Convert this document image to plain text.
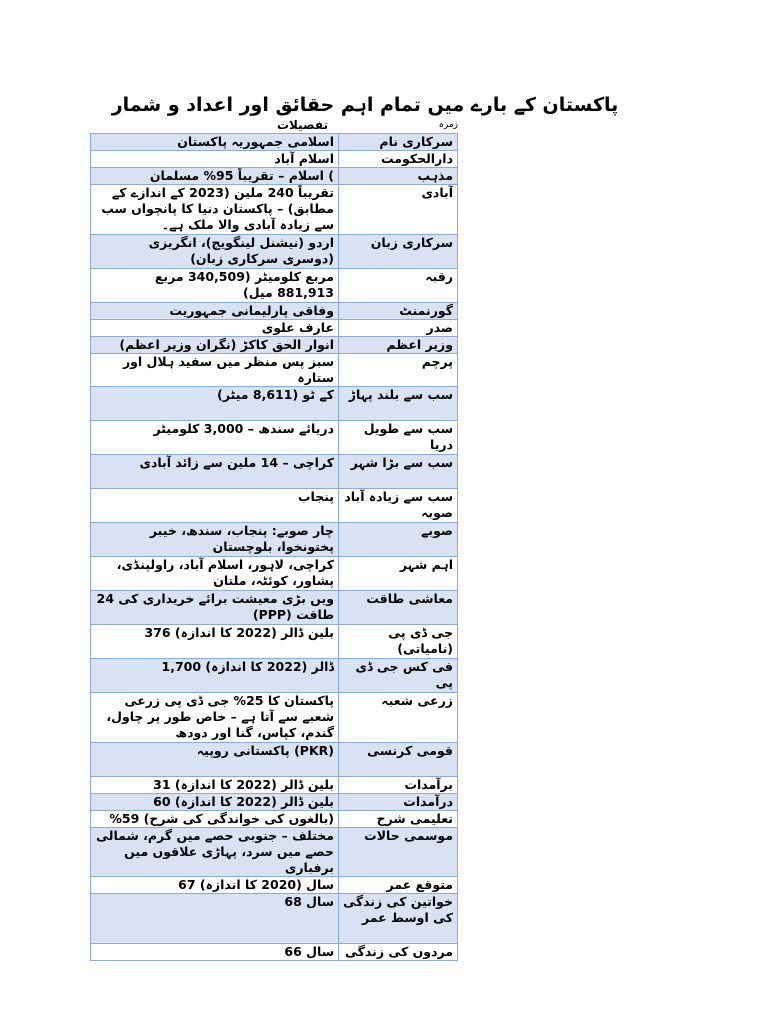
پاکستان کے بارے میں تمام اہم حقائق اور اعداد و شمار
زمرہ
تفصیلات
سرکاری نام	اسلامی جمہوریہ پاکستان
دارالحکومت	اسلام آباد
مذہب	) اسلام – تقریباً 95% مسلمان
آبادی	تقریباً 240 ملین (2023 کے اندازے کے مطابق) – پاکستان دنیا کا پانچواں سب سے زیادہ آبادی والا ملک ہے۔
سرکاری زبان	اردو (نیشنل لینگویج)، انگریزی (دوسری سرکاری زبان)
رقبہ	مربع کلومیٹر (340,509 مربع 881,913 میل)
گورنمنٹ	وفاقی پارلیمانی جمہوریت
صدر	عارف علوی
وزیر اعظم	انوار الحق کاکڑ (نگران وزیر اعظم)
پرچم	سبز پس منظر میں سفید ہلال اور ستارہ
سب سے بلند پہاڑ	کے ٹو (8,611 میٹر)
سب سے طویل دریا	دریائے سندھ – 3,000 کلومیٹر
سب سے بڑا شہر	کراچی – 14 ملین سے زائد آبادی
سب سے زیادہ آباد صوبہ	پنجاب
صوبے	چار صوبے: پنجاب، سندھ، خیبر پختونخوا، بلوچستان
اہم شہر	کراچی، لاہور، اسلام آباد، راولپنڈی، پشاور، کوئٹہ، ملتان
معاشی طاقت	ویں بڑی معیشت برائے خریداری کی 24 طاقت (PPP)
جی ڈی پی (نامیاتی)	بلین ڈالر (2022 کا اندازہ) 376
فی کس جی ڈی پی	ڈالر (2022 کا اندازہ) 1,700
زرعی شعبہ	پاکستان کا 25% جی ڈی پی زرعی شعبے سے آتا ہے – خاص طور پر چاول، گندم، کپاس، گنا اور دودھ
قومی کرنسی	(PKR) پاکستانی روپیہ
برآمدات	بلین ڈالر (2022 کا اندازہ) 31
درآمدات	بلین ڈالر (2022 کا اندازہ) 60
تعلیمی شرح	(بالغوں کی خواندگی کی شرح) 59%
موسمی حالات	مختلف – جنوبی حصے میں گرم، شمالی حصے میں سرد، پہاڑی علاقوں میں برفباری
متوقع عمر	سال (2020 کا اندازہ) 67
خواتین کی زندگی کی اوسط عمر	سال 68
مردوں کی زندگی	سال 66
